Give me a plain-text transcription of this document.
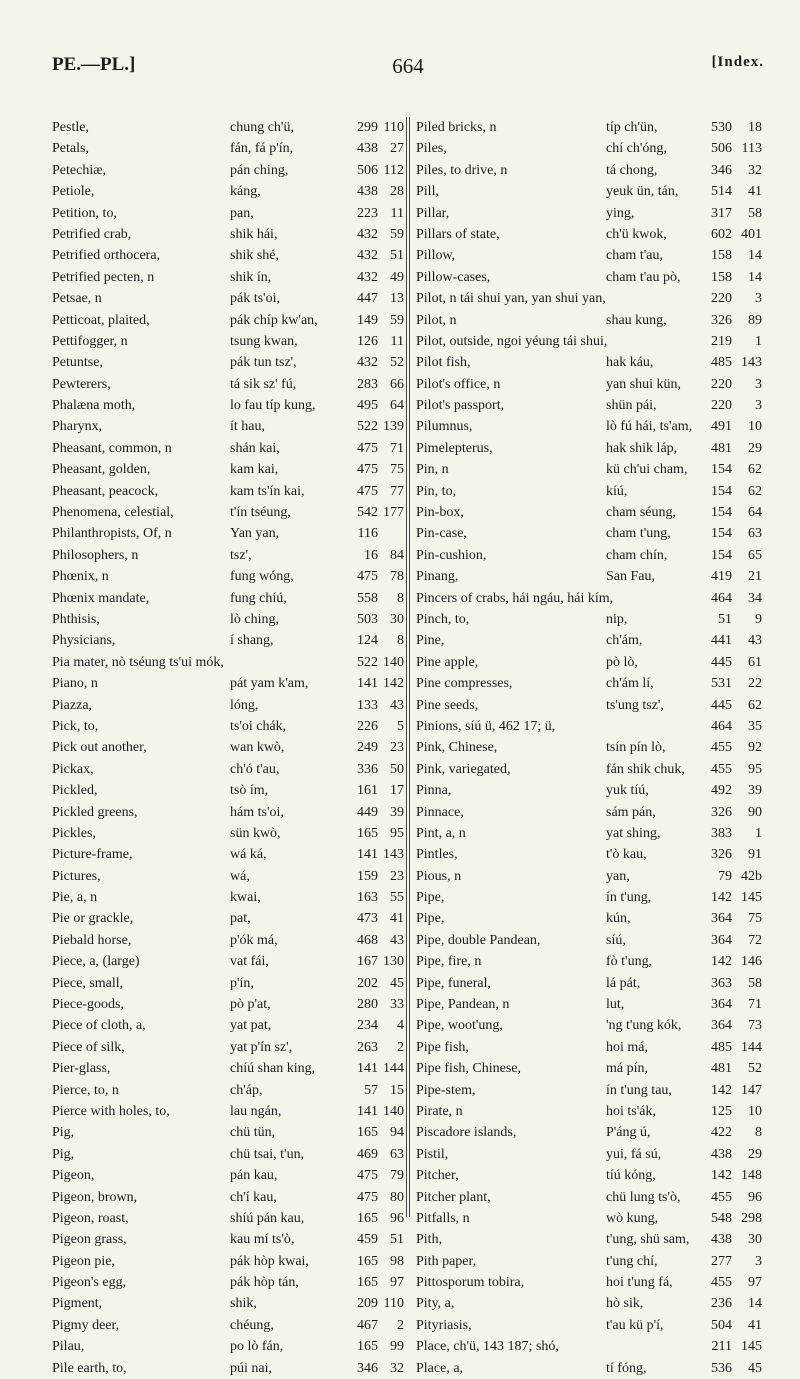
PE.—PL.]	664	[Index.
Pestle,	chung ch'ü,	299 110
Petals,	fán, fá p'ín,	438 27
Petechiæ,	pán ching,	506 112
Petiole,	káng,	438 28
Petition, to,	pan,	223 11
Petrified crab,	shik hái,	432 59
Petrified orthocera,	shik shé,	432 51
Petrified pecten, n	shik ín,	432 49
Petsae, n	pák ts'oi,	447 13
Petticoat, plaited,	pák chíp kw'an,	149 59
Pettifogger, n	tsung kwan,	126 11
Petuntse,	pák tun tsz',	432 52
Pewterers,	tá sik sz' fú,	283 66
Phalæna moth,	lo fau típ kung,	495 64
Pharynx,	ít hau,	522 139
Pheasant, common, n	shán kai,	475 71
Pheasant, golden,	kam kai,	475 75
Pheasant, peacock,	kam ts'ín kai,	475 77
Phenomena, celestial,	t'ín tséung,	542 177
Philanthropists, Of, n	Yan yan,	116
Philosophers, n	tsz',	16 84
Phœnix, n	fung wóng,	475 78
Phœnix mandate,	fung chíú,	558	8
Phthisis,	lò ching,	503 30
Physicians,	í shang,	124	8
Pia mater, nò tséung ts'ui mók,	522 140
Piano, n	pát yam k'am,	141 142
Piazza,	lóng,	133 43
Pick, to,	ts'oi chák,	226	5
Pick out another,	wan kwò,	249 23
Pickax,	ch'ó t'au,	336 50
Pickled,	tsò ím,	161 17
Pickled greens,	hám ts'oi,	449 39
Pickles,	sün kwò,	165 95
Picture-frame,	wá ká,	141 143
Pictures,	wá,	159 23
Pie, a, n	kwai,	163 55
Pie or grackle,	pat,	473 41
Piebald horse,	p'ók má,	468 43
Piece, a, (large)	vat fái,	167 130
Piece, small,	p'ín,	202 45
Piece-goods,	pò p'at,	280 33
Piece of cloth, a,	yat pat,	234	4
Piece of silk,	yat p'ín sz',	263	2
Pier-glass,	chíú shan king,	141 144
Pierce, to, n	ch'áp,	57 15
Pierce with holes, to,	lau ngán,	141 140
Pig,	chü tün,	165 94
Pig,	chü tsai, t'un,	469 63
Pigeon,	pán kau,	475 79
Pigeon, brown,	ch'í kau,	475 80
Pigeon, roast,	shíú pán kau,	165 96
Pigeon grass,	kau mí ts'ò,	459 51
Pigeon pie,	pák hòp kwai,	165 98
Pigeon's egg,	pák hòp tán,	165 97
Pigment,	shik,	209 110
Pigmy deer,	chéung,	467	2
Pilau,	po lò fán,	165 99
Pile earth, to,	púi nai,	346 32
Piled bricks, n	típ ch'ün,	530	18
Piles,	chí ch'óng,	506 113
Piles, to drive, n	tá chong,	346	32
Pill,	yeuk ün, tán,	514	41
Pillar,	ying,	317	58
Pillars of state,	ch'ü kwok,	602 401
Pillow,	cham t'au,	158	14
Pillow-cases,	cham t'au pò,	158	14
Pilot, n tái shui yan, yan shui yan,	220	3
Pilot, n	shau kung,	326	89
Pilot, outside, ngoi yéung tái shui,	219	1
Pilot fish,	hak káu,	485 143
Pilot's office, n	yan shui kün,	220	3
Pilot's passport,	shün pái,	220	3
Pilumnus,	lò fú hái, ts'am,	491	10
Pimelepterus,	hak shik láp,	481	29
Pin, n	kü ch'ui cham,	154	62
Pin, to,	kíú,	154	62
Pin-box,	cham séung,	154	64
Pin-case,	cham t'ung,	154	63
Pin-cushion,	cham chín,	154	65
Pinang,	San Fau,	419	21
Pincers of crabs, hái ngáu, hái kím,	464	34
Pinch, to,	nip,	51	9
Pine,	ch'ám,	441	43
Pine apple,	pò lò,	445	61
Pine compresses,	ch'ám lí,	531	22
Pine seeds,	ts'ung tsz',	445	62
Pinions, síú ü, 462 17; ü,	464	35
Pink, Chinese,	tsín pín lò,	455	92
Pink, variegated,	fán shik chuk,	455	95
Pinna,	yuk tíú,	492	39
Pinnace,	sám pán,	326	90
Pint, a, n	yat shing,	383	1
Pintles,	t'ò kau,	326	91
Pious, n	yan,	79 42b
Pipe,	ín t'ung,	142 145
Pipe,	kún,	364	75
Pipe, double Pandean,	síú,	364	72
Pipe, fire, n	fò t'ung,	142 146
Pipe, funeral,	lá pát,	363	58
Pipe, Pandean, n	lut,	364	71
Pipe, woot'ung,	'ng t'ung kók,	364	73
Pipe fish,	hoi má,	485 144
Pipe fish, Chinese,	má pín,	481	52
Pipe-stem,	ín t'ung tau,	142 147
Pirate, n	hoi ts'ák,	125	10
Piscadore islands,	P'áng ú,	422	8
Pistil,	yui, fá sú,	438	29
Pitcher,	tíú kóng,	142 148
Pitcher plant,	chü lung ts'ò,	455	96
Pitfalls, n	wò kung,	548 298
Pith,	t'ung, shü sam,	438	30
Pith paper,	t'ung chí,	277	3
Pittosporum tobira,	hoi t'ung fá,	455	97
Pity, a,	hò sik,	236	14
Pityriasis,	t'au kü p'í,	504	41
Place, ch'ü, 143 187; shó,	211 145
Place, a,	tí fóng,	536	45
